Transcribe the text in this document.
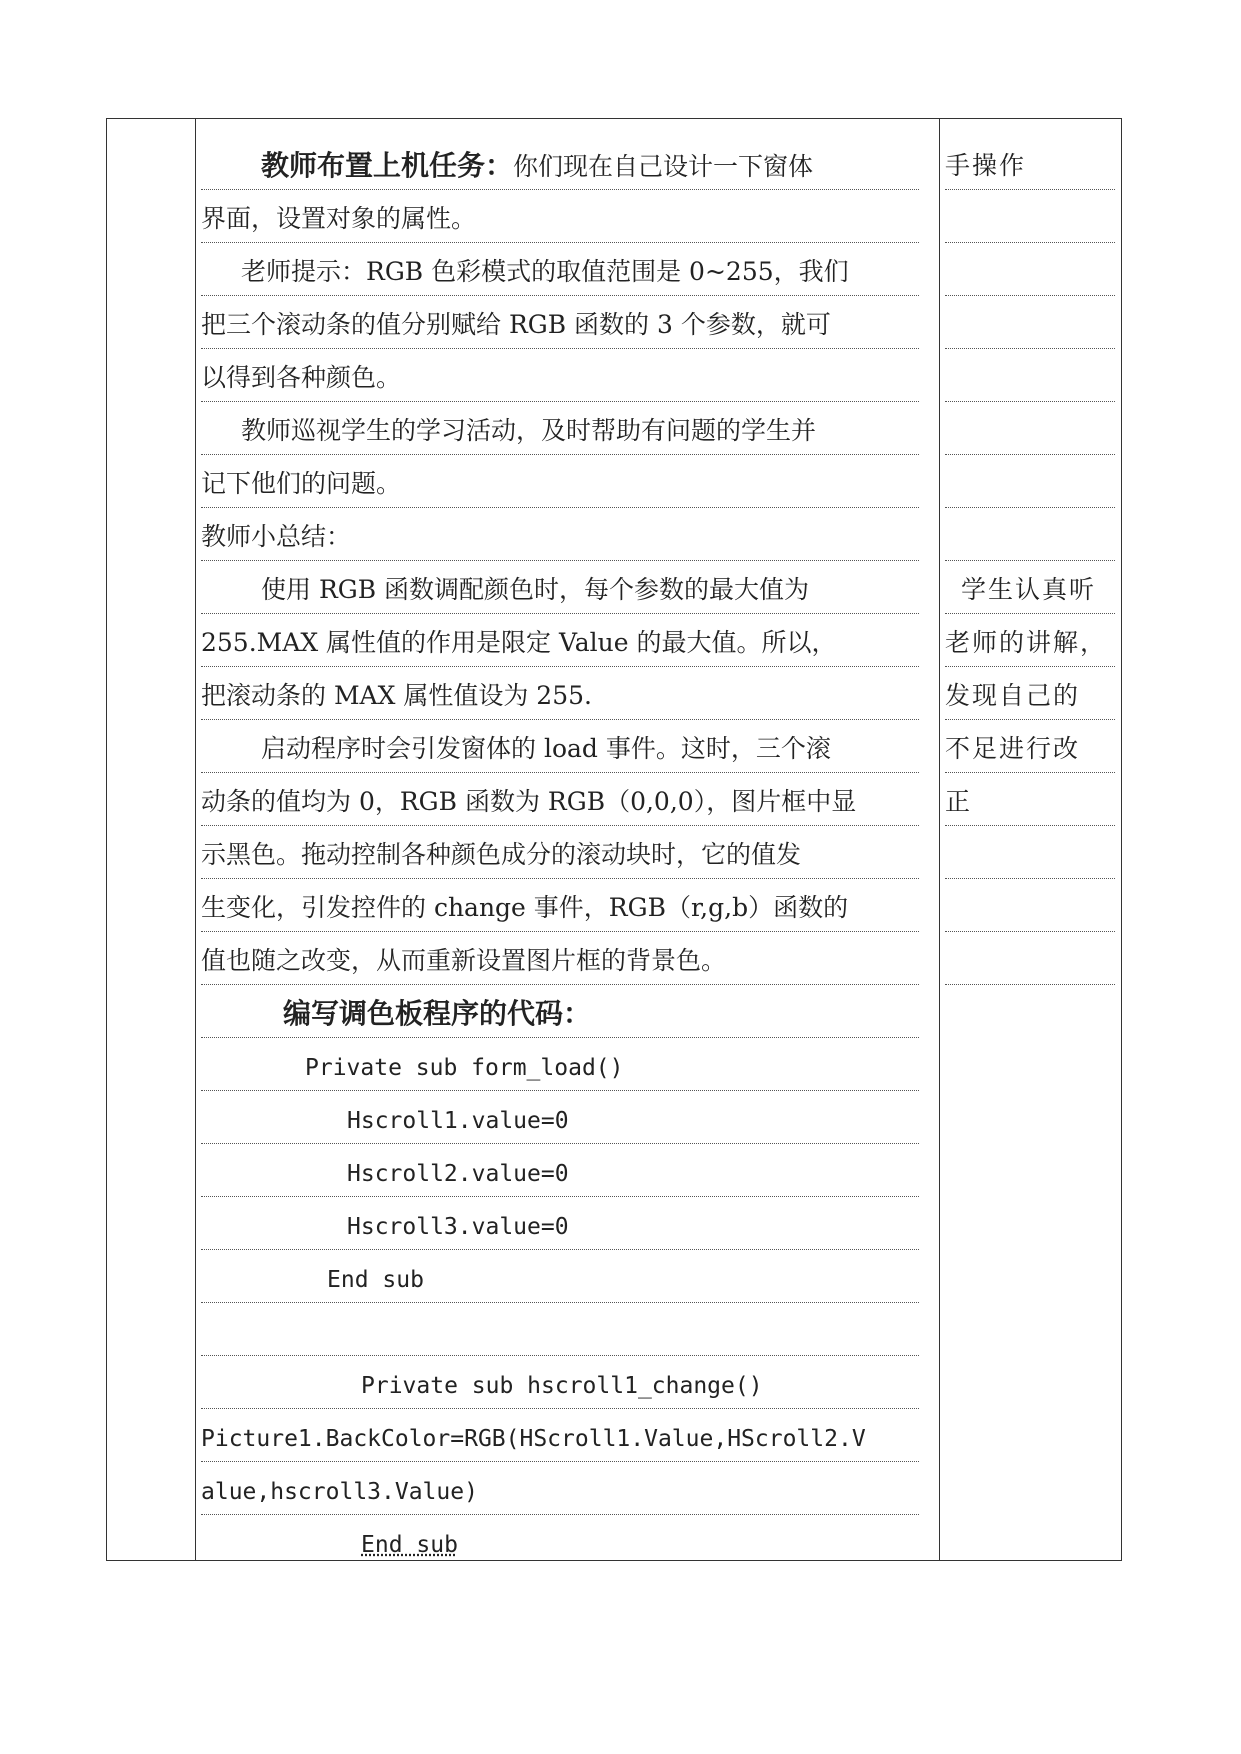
教师布置上机任务：你们现在自己设计一下窗体
界面，设置对象的属性。
老师提示：RGB 色彩模式的取值范围是 0~255，我们
把三个滚动条的值分别赋给 RGB 函数的 3 个参数，就可
以得到各种颜色。
教师巡视学生的学习活动，及时帮助有问题的学生并
记下他们的问题。
教师小总结：
使用 RGB 函数调配颜色时，每个参数的最大值为
255.MAX 属性值的作用是限定 Value 的最大值。所以，
把滚动条的 MAX 属性值设为 255.
启动程序时会引发窗体的 load 事件。这时，三个滚
动条的值均为 0，RGB 函数为 RGB（0,0,0），图片框中显
示黑色。拖动控制各种颜色成分的滚动块时，它的值发
生变化，引发控件的 change 事件，RGB（r,g,b）函数的
值也随之改变，从而重新设置图片框的背景色。
编写调色板程序的代码：
Private sub form_load()
Hscroll1.value=0
Hscroll2.value=0
Hscroll3.value=0
End sub
Private sub hscroll1_change()
Picture1.BackColor=RGB(HScroll1.Value,HScroll2.V
alue,hscroll3.Value)
End sub
手操作
学生认真听
老师的讲解，
发现自己的
不足进行改
正
